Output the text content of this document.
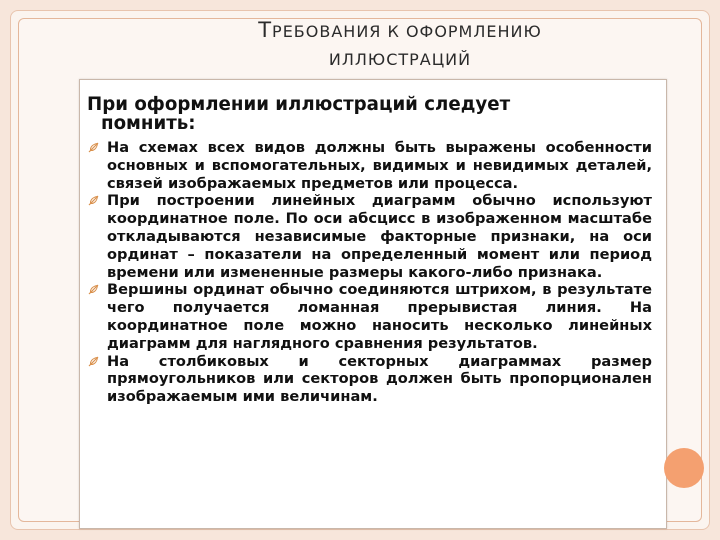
ТРЕБОВАНИЯ К ОФОРМЛЕНИЮ
ИЛЛЮСТРАЦИЙ
При оформлении иллюстраций следует
помнить:
На схемах всех видов должны быть выражены особенности основных и вспомогательных, видимых и невидимых деталей, связей изображаемых предметов или процесса.
При построении линейных диаграмм обычно используют координатное поле. По оси абсцисс в изображенном масштабе откладываются независимые факторные признаки, на оси ординат – показатели на определенный момент или период времени или измененные размеры какого-либо признака.
Вершины ординат обычно соединяются штрихом, в результате чего получается ломанная прерывистая линия. На координатное поле можно наносить несколько линейных диаграмм для наглядного сравнения результатов.
На столбиковых и секторных диаграммах размер прямоугольников или секторов должен быть пропорционален изображаемым ими величинам.
